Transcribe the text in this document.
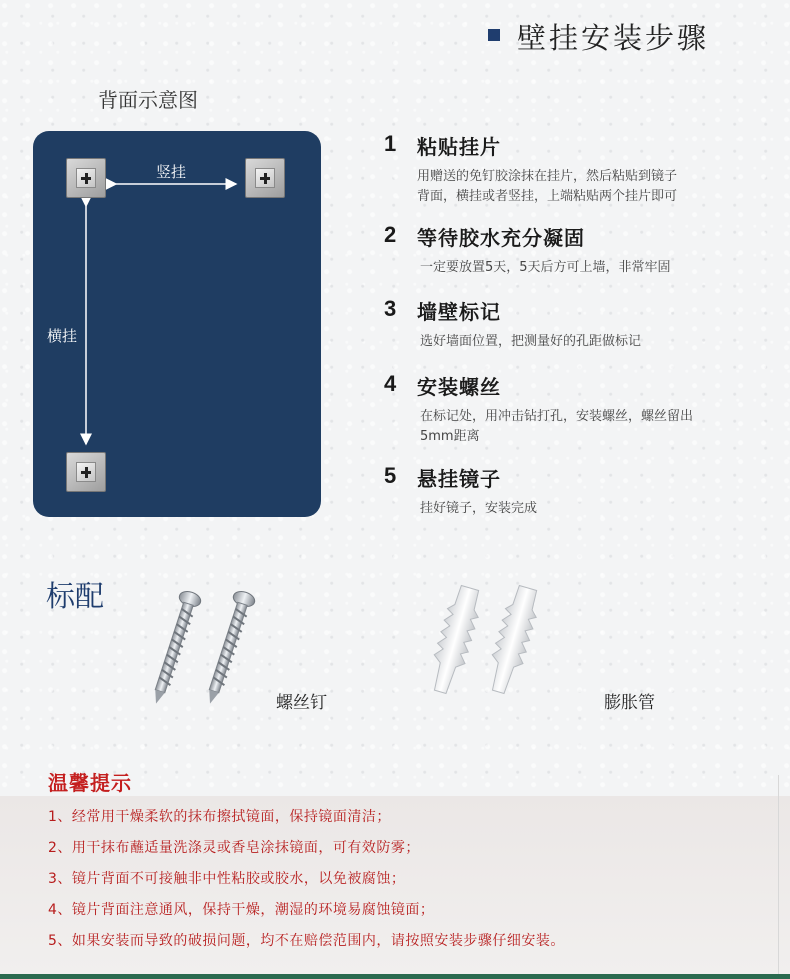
壁挂安装步骤
背面示意图
竖挂
横挂
1 粘贴挂片
用赠送的免钉胶涂抹在挂片，然后粘贴到镜子
背面，横挂或者竖挂，上端粘贴两个挂片即可
2 等待胶水充分凝固
一定要放置5天，5天后方可上墙，非常牢固
3 墙壁标记
选好墙面位置，把测量好的孔距做标记
4 安装螺丝
在标记处，用冲击钻打孔，安装螺丝，螺丝留出
5mm距离
5 悬挂镜子
挂好镜子，安装完成
标配
螺丝钉	膨胀管
温馨提示
1、经常用干燥柔软的抹布擦拭镜面，保持镜面清洁；
2、用干抹布蘸适量洗涤灵或香皂涂抹镜面，可有效防雾；
3、镜片背面不可接触非中性粘胶或胶水，以免被腐蚀；
4、镜片背面注意通风，保持干燥，潮湿的环境易腐蚀镜面；
5、如果安装而导致的破损问题，均不在赔偿范围内，请按照安装步骤仔细安装。
